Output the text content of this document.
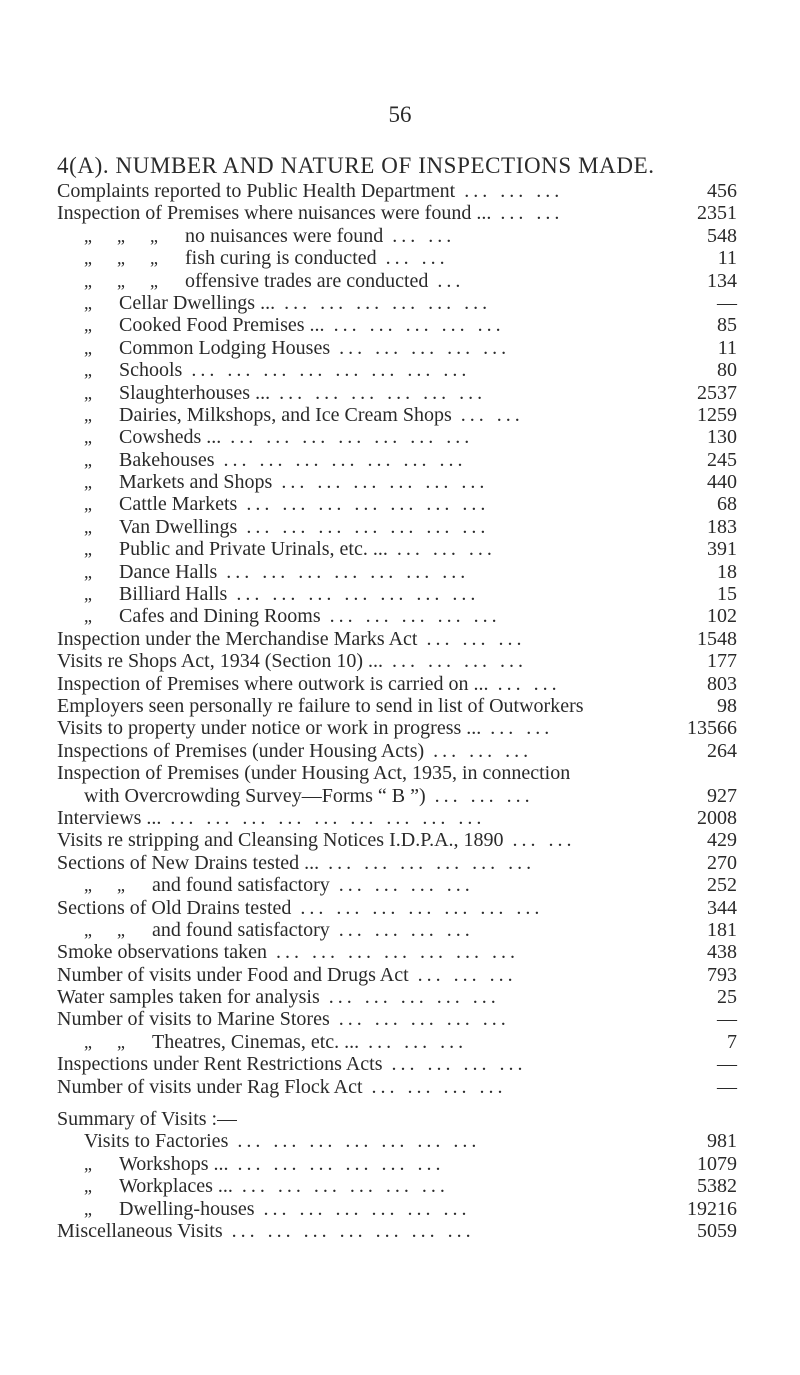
56
4(A). NUMBER AND NATURE OF INSPECTIONS MADE.
Complaints reported to Public Health Department ... ... ...	456
Inspection of Premises where nuisances were found ... ... ...	2351
„ „ „ no nuisances were found ... ...	548
„ „ „ fish curing is conducted ... ...	11
„ „ „ offensive trades are conducted ...	134
„ Cellar Dwellings ... ... ... ... ... ... ...	—
„ Cooked Food Premises ... ... ... ... ... ...	85
„ Common Lodging Houses ... ... ... ... ...	11
„ Schools ... ... ... ... ... ... ... ...	80
„ Slaughterhouses ... ... ... ... ... ... ...	2537
„ Dairies, Milkshops, and Ice Cream Shops ... ...	1259
„ Cowsheds ... ... ... ... ... ... ... ...	130
„ Bakehouses ... ... ... ... ... ... ...	245
„ Markets and Shops ... ... ... ... ... ...	440
„ Cattle Markets ... ... ... ... ... ... ...	68
„ Van Dwellings ... ... ... ... ... ... ...	183
„ Public and Private Urinals, etc. ... ... ... ...	391
„ Dance Halls ... ... ... ... ... ... ...	18
„ Billiard Halls ... ... ... ... ... ... ...	15
„ Cafes and Dining Rooms ... ... ... ... ...	102
Inspection under the Merchandise Marks Act ... ... ...	1548
Visits re Shops Act, 1934 (Section 10) ... ... ... ... ...	177
Inspection of Premises where outwork is carried on ... ... ...	803
Employers seen personally re failure to send in list of Outworkers	98
Visits to property under notice or work in progress ... ... ...	13566
Inspections of Premises (under Housing Acts) ... ... ...	264
Inspection of Premises (under Housing Act, 1935, in connection
with Overcrowding Survey—Forms “ B ”) ... ... ...	927
Interviews ... ... ... ... ... ... ... ... ... ...	2008
Visits re stripping and Cleansing Notices I.D.P.A., 1890 ... ...	429
Sections of New Drains tested ... ... ... ... ... ... ...	270
„ „ and found satisfactory ... ... ... ...	252
Sections of Old Drains tested ... ... ... ... ... ... ...	344
„ „ and found satisfactory ... ... ... ...	181
Smoke observations taken ... ... ... ... ... ... ...	438
Number of visits under Food and Drugs Act ... ... ...	793
Water samples taken for analysis ... ... ... ... ...	25
Number of visits to Marine Stores ... ... ... ... ...	—
„ „ Theatres, Cinemas, etc. ... ... ... ...	7
Inspections under Rent Restrictions Acts ... ... ... ...	—
Number of visits under Rag Flock Act ... ... ... ...	—
Summary of Visits :—
Visits to Factories ... ... ... ... ... ... ...	981
„ Workshops ... ... ... ... ... ... ...	1079
„ Workplaces ... ... ... ... ... ... ...	5382
„ Dwelling-houses ... ... ... ... ... ...	19216
Miscellaneous Visits ... ... ... ... ... ... ...	5059
